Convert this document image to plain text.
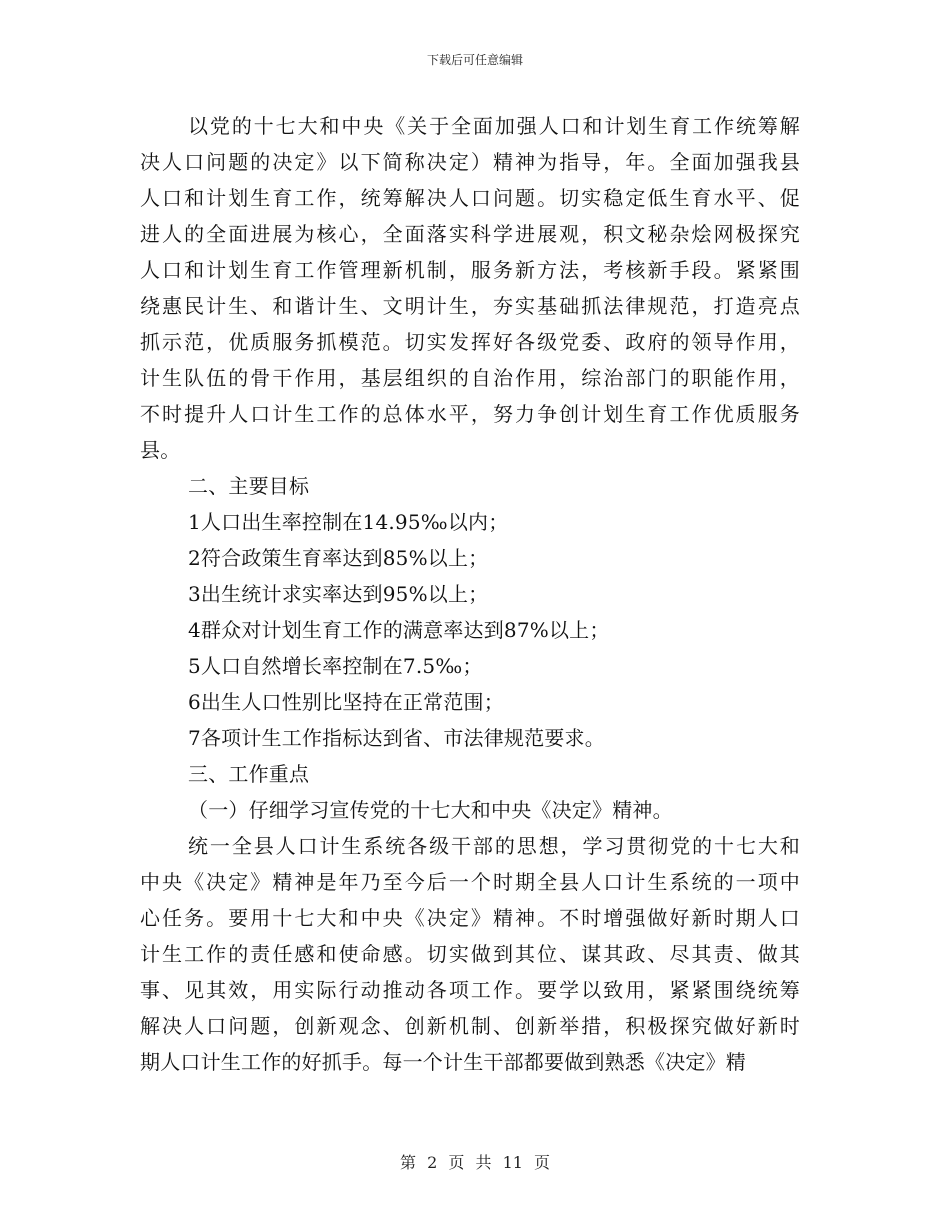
下载后可任意编辑
以党的十七大和中央《关于全面加强人口和计划生育工作统筹解
决人口问题的决定》以下简称决定）精神为指导，年。全面加强我县
人口和计划生育工作，统筹解决人口问题。切实稳定低生育水平、促
进人的全面进展为核心，全面落实科学进展观，积文秘杂烩网极探究
人口和计划生育工作管理新机制，服务新方法，考核新手段。紧紧围
绕惠民计生、和谐计生、文明计生，夯实基础抓法律规范，打造亮点
抓示范，优质服务抓模范。切实发挥好各级党委、政府的领导作用，
计生队伍的骨干作用，基层组织的自治作用，综治部门的职能作用，
不时提升人口计生工作的总体水平，努力争创计划生育工作优质服务
县。
二、主要目标
1人口出生率控制在14.95‰以内；
2符合政策生育率达到85%以上；
3出生统计求实率达到95%以上；
4群众对计划生育工作的满意率达到87%以上；
5人口自然增长率控制在7.5‰；
6出生人口性别比坚持在正常范围；
7各项计生工作指标达到省、市法律规范要求。
三、工作重点
（一）仔细学习宣传党的十七大和中央《决定》精神。
统一全县人口计生系统各级干部的思想，学习贯彻党的十七大和
中央《决定》精神是年乃至今后一个时期全县人口计生系统的一项中
心任务。要用十七大和中央《决定》精神。不时增强做好新时期人口
计生工作的责任感和使命感。切实做到其位、谋其政、尽其责、做其
事、见其效，用实际行动推动各项工作。要学以致用，紧紧围绕统筹
解决人口问题，创新观念、创新机制、创新举措，积极探究做好新时
期人口计生工作的好抓手。每一个计生干部都要做到熟悉《决定》精
第 2 页 共 11 页
